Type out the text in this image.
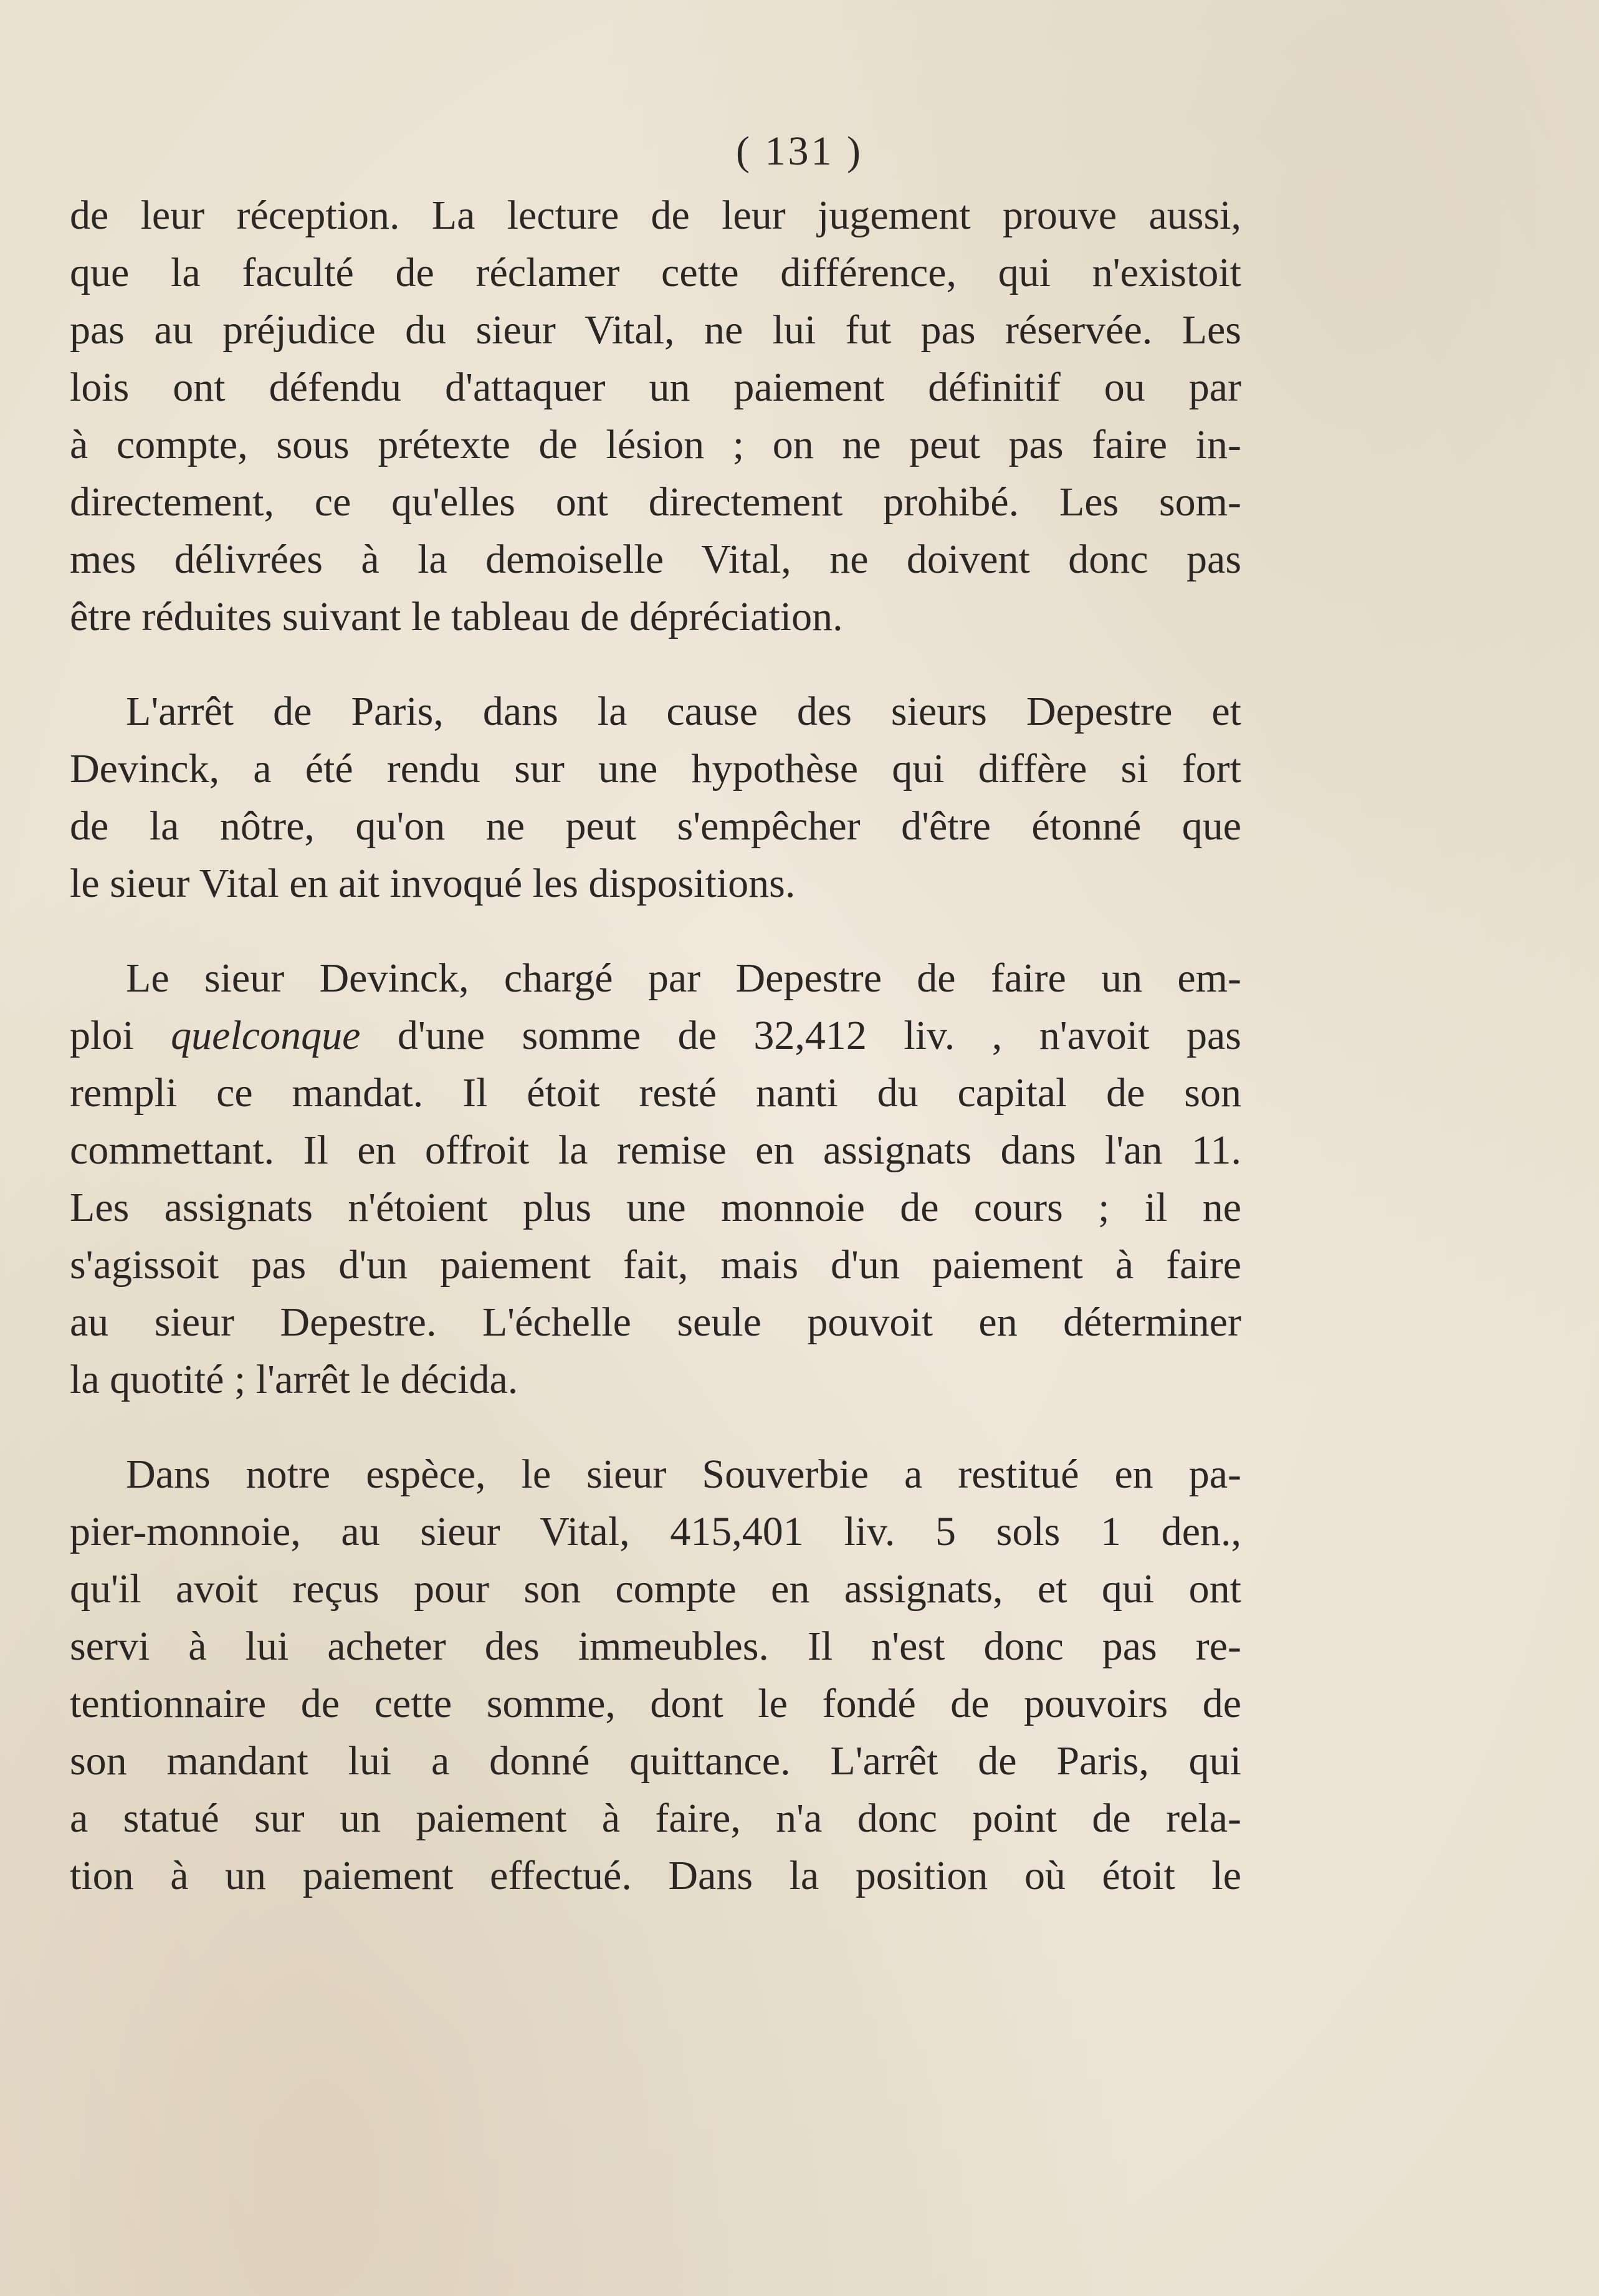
( 131 )
de leur réception. La lecture de leur jugement prouve aussi,
que la faculté de réclamer cette différence, qui n'existoit
pas au préjudice du sieur Vital, ne lui fut pas réservée. Les
lois ont défendu d'attaquer un paiement définitif ou par
à compte, sous prétexte de lésion ; on ne peut pas faire in-
directement, ce qu'elles ont directement prohibé. Les som-
mes délivrées à la demoiselle Vital, ne doivent donc pas
être réduites suivant le tableau de dépréciation.
L'arrêt de Paris, dans la cause des sieurs Depestre et
Devinck, a été rendu sur une hypothèse qui diffère si fort
de la nôtre, qu'on ne peut s'empêcher d'être étonné que
le sieur Vital en ait invoqué les dispositions.
Le sieur Devinck, chargé par Depestre de faire un em-
ploi quelconque d'une somme de 32,412 liv. , n'avoit pas
rempli ce mandat. Il étoit resté nanti du capital de son
commettant. Il en offroit la remise en assignats dans l'an 11.
Les assignats n'étoient plus une monnoie de cours ; il ne
s'agissoit pas d'un paiement fait, mais d'un paiement à faire
au sieur Depestre. L'échelle seule pouvoit en déterminer
la quotité ; l'arrêt le décida.
Dans notre espèce, le sieur Souverbie a restitué en pa-
pier-monnoie, au sieur Vital, 415,401 liv. 5 sols 1 den.,
qu'il avoit reçus pour son compte en assignats, et qui ont
servi à lui acheter des immeubles. Il n'est donc pas re-
tentionnaire de cette somme, dont le fondé de pouvoirs de
son mandant lui a donné quittance. L'arrêt de Paris, qui
a statué sur un paiement à faire, n'a donc point de rela-
tion à un paiement effectué. Dans la position où étoit le
